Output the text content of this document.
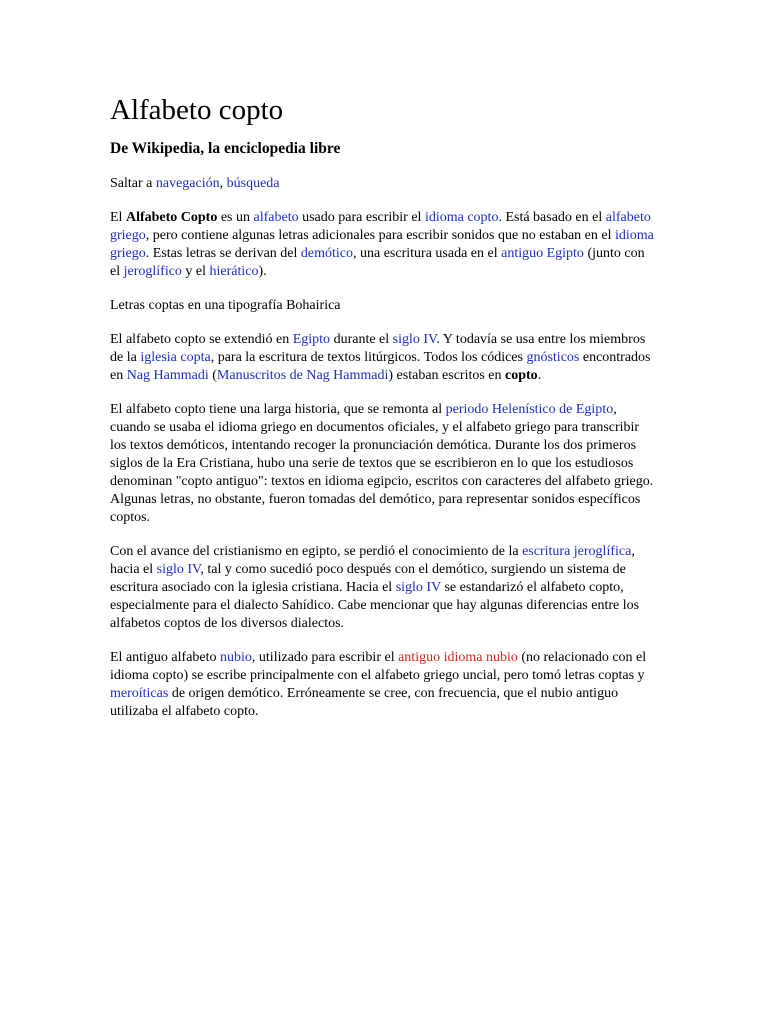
Alfabeto copto
De Wikipedia, la enciclopedia libre
Saltar a navegación, búsqueda

El Alfabeto Copto es un alfabeto usado para escribir el idioma copto. Está basado en el alfabeto griego, pero contiene algunas letras adicionales para escribir sonidos que no estaban en el idioma griego. Estas letras se derivan del demótico, una escritura usada en el antiguo Egipto (junto con el jeroglífico y el hierático).

Letras coptas en una tipografía Bohairica

El alfabeto copto se extendió en Egipto durante el siglo IV. Y todavía se usa entre los miembros de la iglesia copta, para la escritura de textos litúrgicos. Todos los códices gnósticos encontrados en Nag Hammadi (Manuscritos de Nag Hammadi) estaban escritos en copto.

El alfabeto copto tiene una larga historia, que se remonta al periodo Helenístico de Egipto, cuando se usaba el idioma griego en documentos oficiales, y el alfabeto griego para transcribir los textos demóticos, intentando recoger la pronunciación demótica. Durante los dos primeros siglos de la Era Cristiana, hubo una serie de textos que se escribieron en lo que los estudiosos denominan "copto antiguo": textos en idioma egipcio, escritos con caracteres del alfabeto griego. Algunas letras, no obstante, fueron tomadas del demótico, para representar sonidos específicos coptos.

Con el avance del cristianismo en egipto, se perdió el conocimiento de la escritura jeroglífica, hacia el siglo IV, tal y como sucedió poco después con el demótico, surgiendo un sistema de escritura asociado con la iglesia cristiana. Hacia el siglo IV se estandarizó el alfabeto copto, especialmente para el dialecto Sahídico. Cabe mencionar que hay algunas diferencias entre los alfabetos coptos de los diversos dialectos.

El antiguo alfabeto nubio, utilizado para escribir el antiguo idioma nubio (no relacionado con el idioma copto) se escribe principalmente con el alfabeto griego uncial, pero tomó letras coptas y meroíticas de origen demótico. Erróneamente se cree, con frecuencia, que el nubio antiguo utilizaba el alfabeto copto.
